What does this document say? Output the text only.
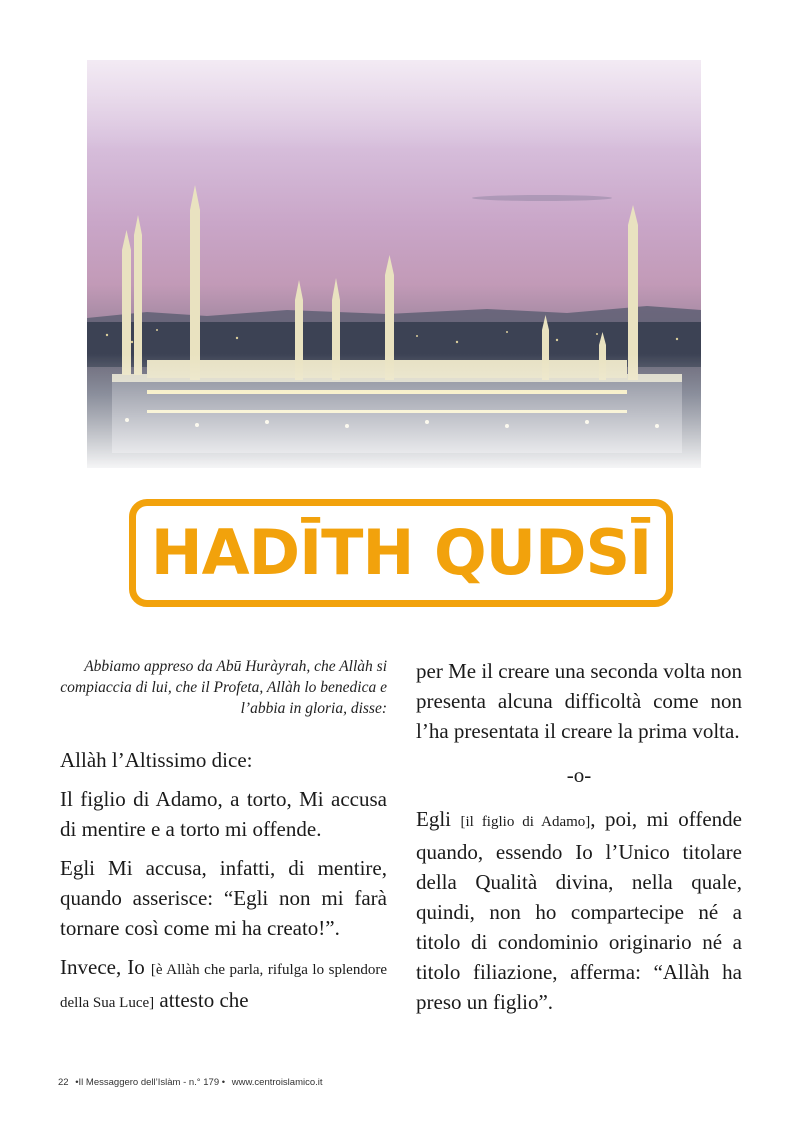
HADĪTH QUDSĪ

Abbiamo appreso da Abū Huràyrah, che Allàh si compiaccia di lui, che il Profeta, Allàh lo benedica e l’abbia in gloria, disse:

Allàh l’Altissimo dice:

Il figlio di Adamo, a torto, Mi accusa di mentire e a torto mi offende.

Egli Mi accusa, infatti, di mentire, quando asserisce: “Egli non mi farà tornare così come mi ha creato!”.

Invece, Io [è Allàh che parla, rifulga lo splendore della Sua Luce] attesto che

per Me il creare una seconda volta non presenta alcuna difficoltà come non l’ha presentata il creare la prima volta.

-o-

Egli [il figlio di Adamo], poi, mi offende quando, essendo Io l’Unico titolare della Qualità divina, nella quale, quindi, non ho compartecipe né a titolo di condominio originario né a titolo filiazione, afferma: “Allàh ha preso un figlio”.

22 •Il Messaggero dell’Islàm - n.° 179 • www.centroislamico.it
